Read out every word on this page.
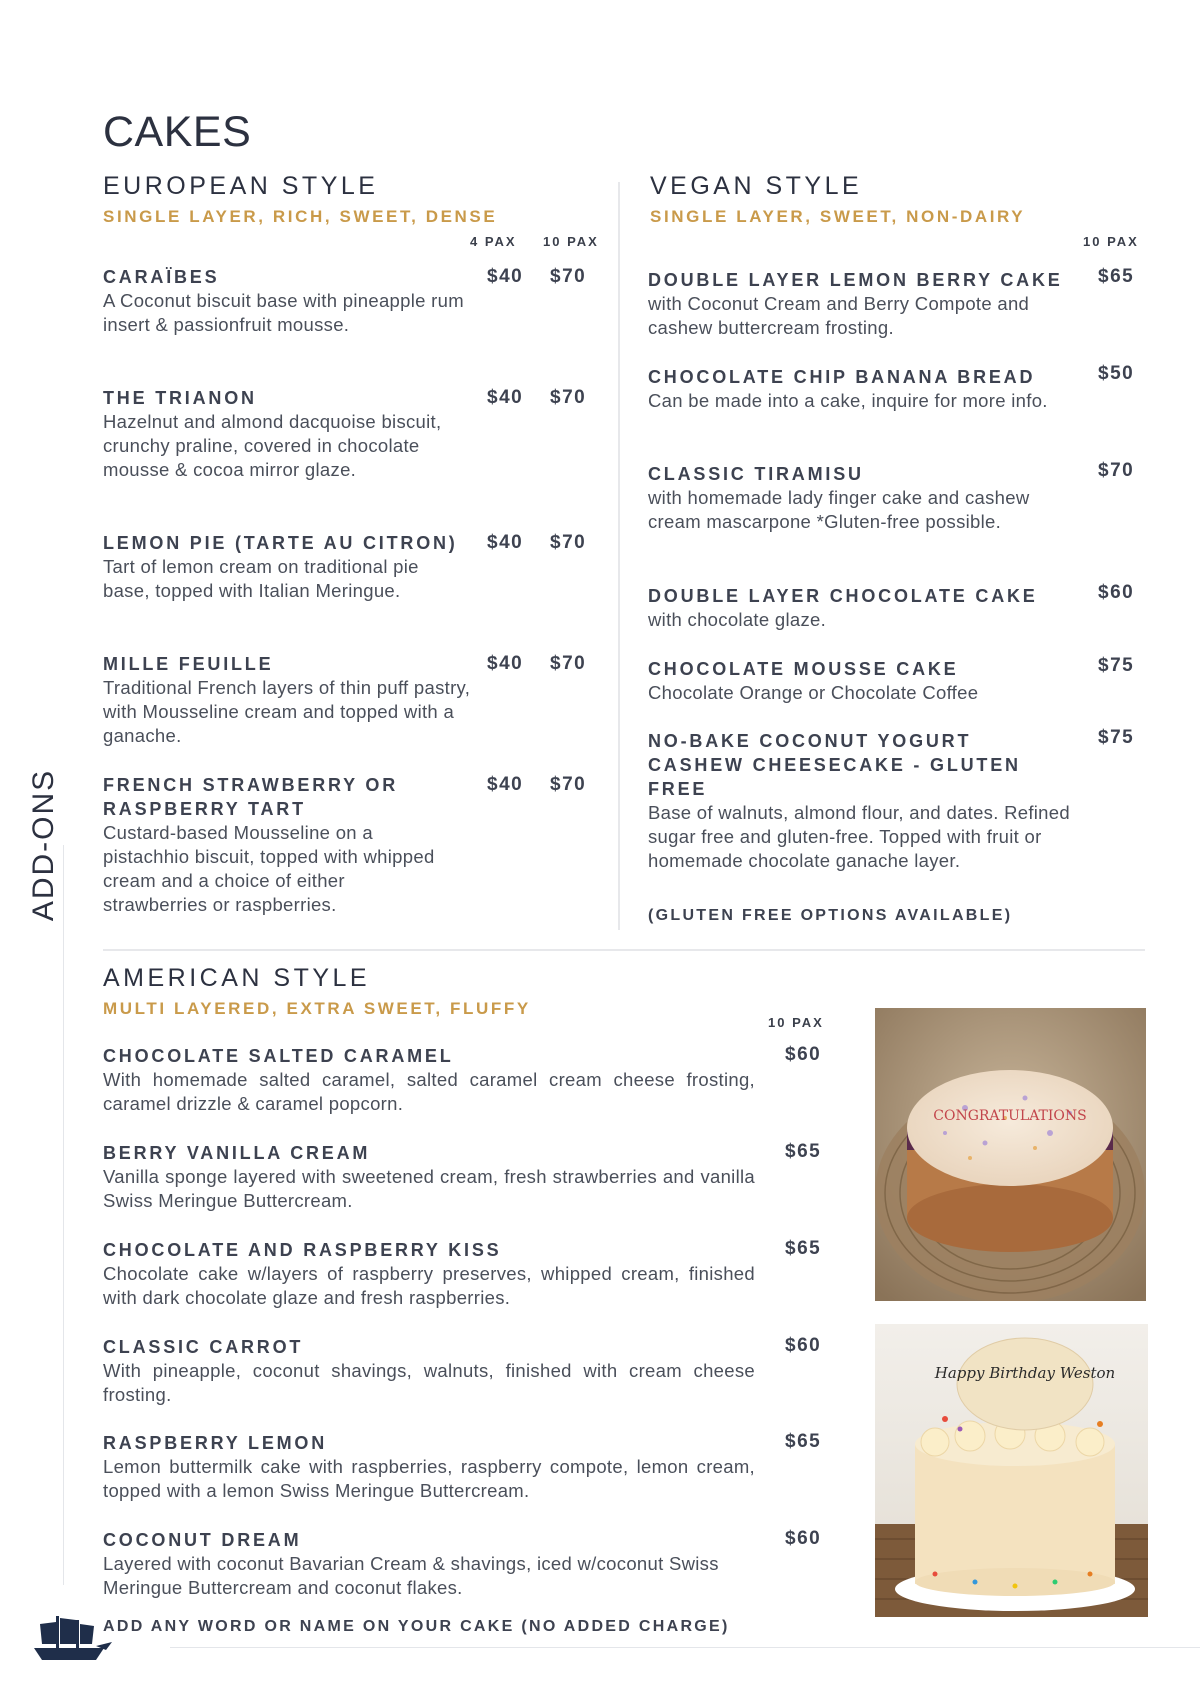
CAKES
ADD-ONS
EUROPEAN STYLE
SINGLE LAYER, RICH, SWEET, DENSE
4 PAX 10 PAX
CARAÏBES
A Coconut biscuit base with pineapple rum insert & passionfruit mousse.
$40 $70
THE TRIANON
Hazelnut and almond dacquoise biscuit, crunchy praline, covered in chocolate mousse & cocoa mirror glaze.
$40 $70
LEMON PIE (TARTE AU CITRON)
Tart of lemon cream on traditional pie base, topped with Italian Meringue.
$40 $70
MILLE FEUILLE
Traditional French layers of thin puff pastry, with Mousseline cream and topped with a ganache.
$40 $70
FRENCH STRAWBERRY OR RASPBERRY TART
Custard-based Mousseline on a pistachhio biscuit, topped with whipped cream and a choice of either strawberries or raspberries.
$40 $70
VEGAN STYLE
SINGLE LAYER, SWEET, NON-DAIRY
10 PAX
DOUBLE LAYER LEMON BERRY CAKE
with Coconut Cream and Berry Compote and cashew buttercream frosting.
$65
CHOCOLATE CHIP BANANA BREAD
Can be made into a cake, inquire for more info.
$50
CLASSIC TIRAMISU
with homemade lady finger cake and cashew cream mascarpone *Gluten-free possible.
$70
DOUBLE LAYER CHOCOLATE CAKE
with chocolate glaze.
$60
CHOCOLATE MOUSSE CAKE
Chocolate Orange or Chocolate Coffee
$75
NO-BAKE COCONUT YOGURT CASHEW CHEESECAKE - GLUTEN FREE
Base of walnuts, almond flour, and dates. Refined sugar free and gluten-free. Topped with fruit or homemade chocolate ganache layer.
$75
(GLUTEN FREE OPTIONS AVAILABLE)
AMERICAN STYLE
MULTI LAYERED, EXTRA SWEET, FLUFFY
10 PAX
CHOCOLATE SALTED CARAMEL
With homemade salted caramel, salted caramel cream cheese frosting, caramel drizzle & caramel popcorn.
$60
BERRY VANILLA CREAM
Vanilla sponge layered with sweetened cream, fresh strawberries and vanilla Swiss Meringue Buttercream.
$65
CHOCOLATE AND RASPBERRY KISS
Chocolate cake w/layers of raspberry preserves, whipped cream, finished with dark chocolate glaze and fresh raspberries.
$65
CLASSIC CARROT
With pineapple, coconut shavings, walnuts, finished with cream cheese frosting.
$60
RASPBERRY LEMON
Lemon buttermilk cake with raspberries, raspberry compote, lemon cream, topped with a lemon Swiss Meringue Buttercream.
$65
COCONUT DREAM
Layered with coconut Bavarian Cream & shavings, iced w/coconut Swiss Meringue Buttercream and coconut flakes.
$60
ADD ANY WORD OR NAME ON YOUR CAKE (NO ADDED CHARGE)
CONGRATULATIONS
Happy Birthday Weston
